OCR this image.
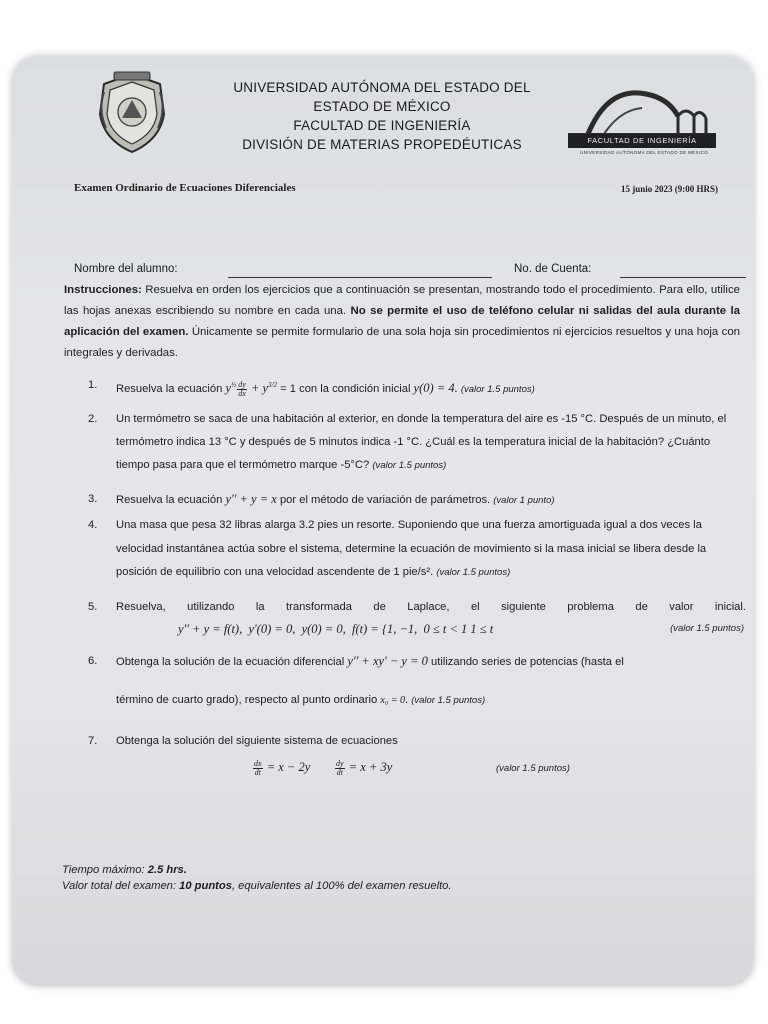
UNIVERSIDAD AUTÓNOMA DEL ESTADO DEL
ESTADO DE MÉXICO
FACULTAD DE INGENIERÍA
DIVISIÓN DE MATERIAS PROPEDÉUTICAS	FACULTAD DE INGENIERÍA
UNIVERSIDAD AUTÓNOMA DEL ESTADO DE MÉXICO
Examen Ordinario de Ecuaciones Diferenciales	15 junio 2023 (9:00 HRS)
Nombre del alumno:	No. de Cuenta:
Instrucciones: Resuelva en orden los ejercicios que a continuación se presentan, mostrando todo el procedimiento. Para ello, utilice las hojas anexas escribiendo su nombre en cada una. No se permite el uso de teléfono celular ni salidas del aula durante la aplicación del examen. Únicamente se permite formulario de una sola hoja sin procedimientos ni ejercicios resueltos y una hoja con integrales y derivadas.
1. Resuelva la ecuación $y^{\frac{1}{2}} \frac{dy}{dx} + y^{3/2} = 1$ con la condición inicial y(0) = 4. (valor 1.5 puntos)
2. Un termómetro se saca de una habitación al exterior, en donde la temperatura del aire es -15 °C. Después de un minuto, el termómetro indica 13 °C y después de 5 minutos indica -1 °C. ¿Cuál es la temperatura inicial de la habitación? ¿Cuánto tiempo pasa para que el termómetro marque -5°C? (valor 1.5 puntos)
3. Resuelva la ecuación y'' + y = x por el método de variación de parámetros. (valor 1 punto)
4. Una masa que pesa 32 libras alarga 3.2 pies un resorte. Suponiendo que una fuerza amortiguada igual a dos veces la velocidad instantánea actúa sobre el sistema, determine la ecuación de movimiento si la masa inicial se libera desde la posición de equilibrio con una velocidad ascendente de 1 pie/s². (valor 1.5 puntos)
5. Resuelva, utilizando la transformada de Laplace, el siguiente problema de valor inicial.
y'' + y = f(t),  y'(0) = 0,  y(0) = 0,  f(t) = {1, −1,  0 ≤ t < 1 1 ≤ t	(valor 1.5 puntos)
6. Obtenga la solución de la ecuación diferencial y'' + xy' − y = 0 utilizando series de potencias (hasta el
término de cuarto grado), respecto al punto ordinario x₀ = 0. (valor 1.5 puntos)
7. Obtenga la solución del siguiente sistema de ecuaciones
$\frac{dx}{dt} = x - 2y$	$\frac{dy}{dt} = x + 3y$	(valor 1.5 puntos)
Tiempo máximo: 2.5 hrs.
Valor total del examen: 10 puntos, equivalentes al 100% del examen resuelto.
